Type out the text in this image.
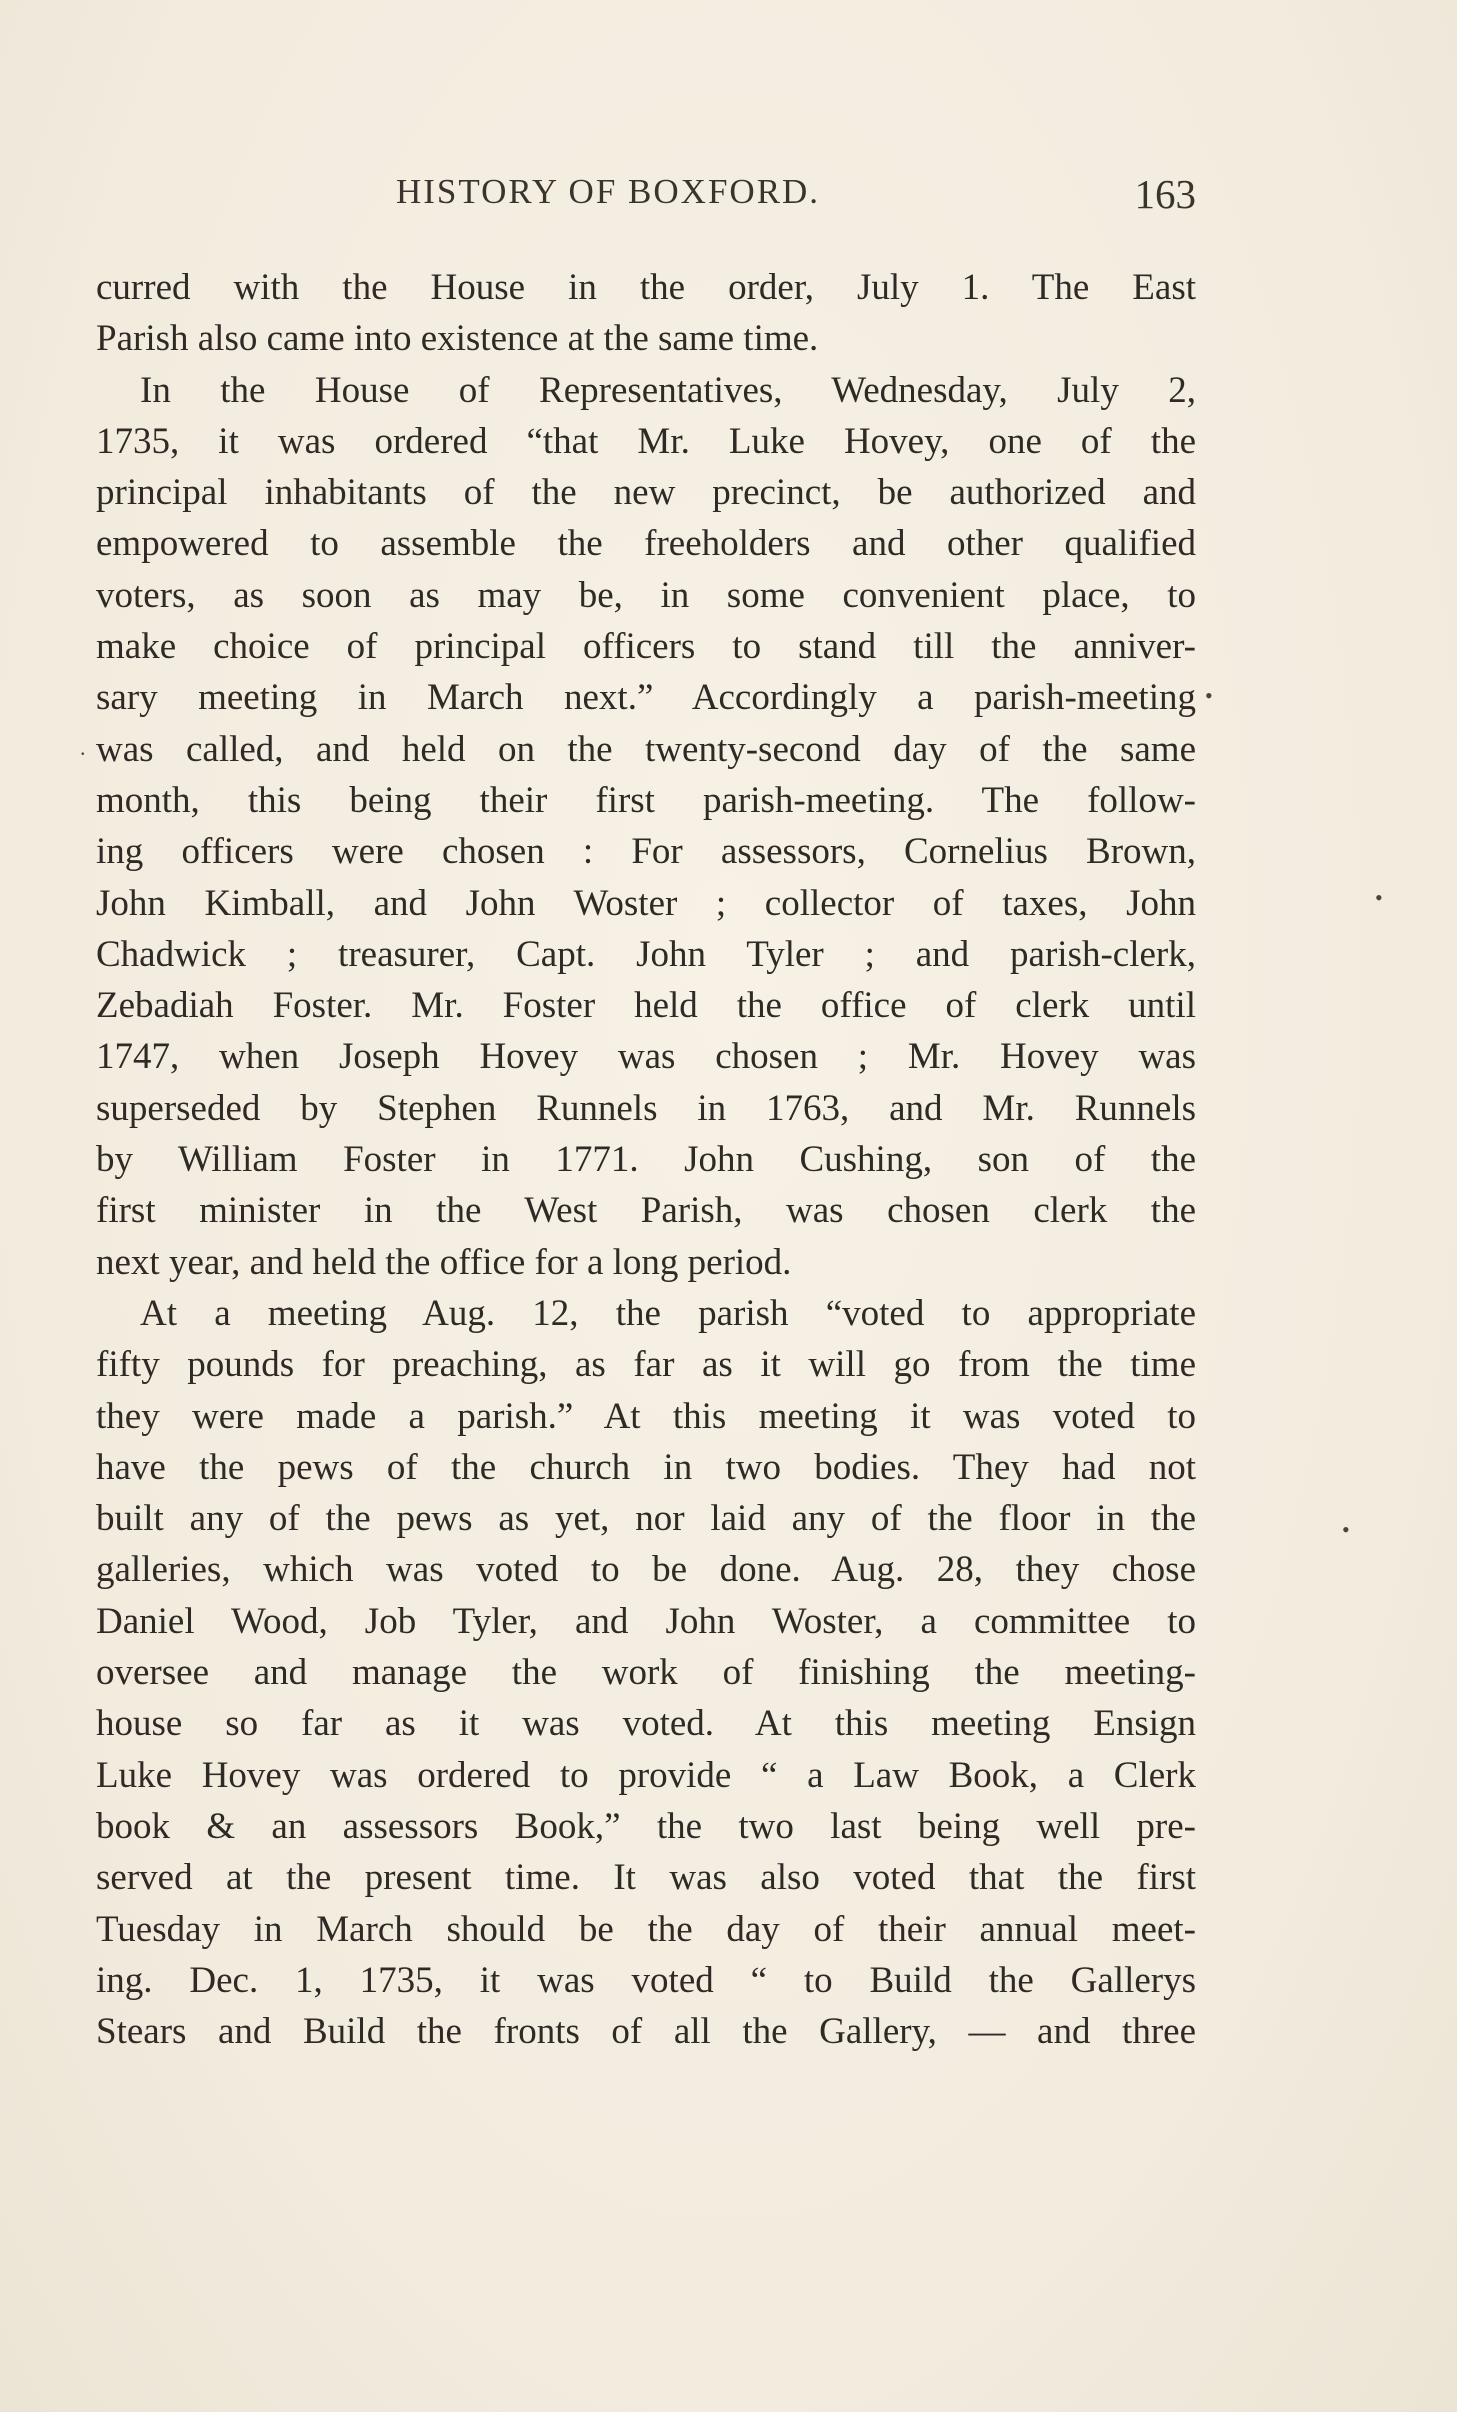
HISTORY OF BOXFORD.	163
curred with the House in the order, July 1. The East
Parish also came into existence at the same time.
In the House of Representatives, Wednesday, July 2,
1735, it was ordered “that Mr. Luke Hovey, one of the
principal inhabitants of the new precinct, be authorized and
empowered to assemble the freeholders and other qualified
voters, as soon as may be, in some convenient place, to
make choice of principal officers to stand till the anniver-
sary meeting in March next.” Accordingly a parish-meeting
was called, and held on the twenty-second day of the same
month, this being their first parish-meeting. The follow-
ing officers were chosen : For assessors, Cornelius Brown,
John Kimball, and John Woster ; collector of taxes, John
Chadwick ; treasurer, Capt. John Tyler ; and parish-clerk,
Zebadiah Foster. Mr. Foster held the office of clerk until
1747, when Joseph Hovey was chosen ; Mr. Hovey was
superseded by Stephen Runnels in 1763, and Mr. Runnels
by William Foster in 1771. John Cushing, son of the
first minister in the West Parish, was chosen clerk the
next year, and held the office for a long period.
At a meeting Aug. 12, the parish “voted to appropriate
fifty pounds for preaching, as far as it will go from the time
they were made a parish.” At this meeting it was voted to
have the pews of the church in two bodies. They had not
built any of the pews as yet, nor laid any of the floor in the
galleries, which was voted to be done. Aug. 28, they chose
Daniel Wood, Job Tyler, and John Woster, a committee to
oversee and manage the work of finishing the meeting-
house so far as it was voted. At this meeting Ensign
Luke Hovey was ordered to provide “ a Law Book, a Clerk
book & an assessors Book,” the two last being well pre-
served at the present time. It was also voted that the first
Tuesday in March should be the day of their annual meet-
ing. Dec. 1, 1735, it was voted “ to Build the Gallerys
Stears and Build the fronts of all the Gallery, — and three
•
.
•
•
